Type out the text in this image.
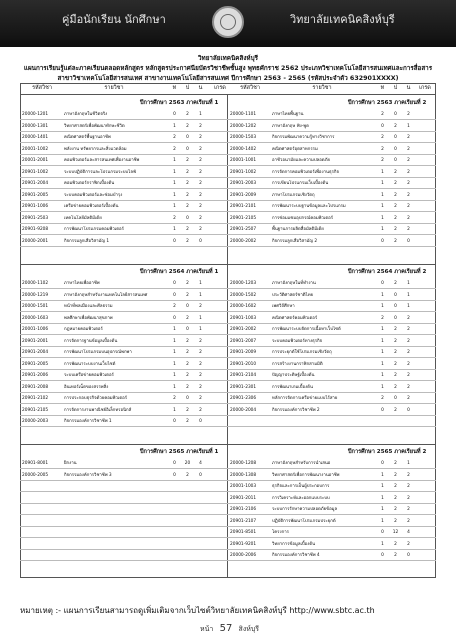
คู่มือนักเรียน นักศึกษา	วิทยาลัยเทคนิคสิงห์บุรี
วิทยาลัยเทคนิคสิงห์บุรี
แผนการเรียนรู้แต่ละภาคเรียนตลอดหลักสูตร หลักสูตรประกาศนียบัตรวิชาชีพชั้นสูง พุทธศักราช 2562 ประเภทวิชาเทคโนโลยีสารสนเทศและการสื่อสาร
สาขาวิชาเทคโนโลยีสารสนเทศ สาขางานเทคโนโลยีสารสนเทศ ปีการศึกษา 2563 - 2565 (รหัสประจำตัว 632901XXXX)
รหัสวิชา	รายวิชา	ท	ป	น	เกรด	รหัสวิชา	รายวิชา	ท	ป	น	เกรด
ปีการศึกษา 2563 ภาคเรียนที่ 1
20000-1201	ภาษาอังกฤษในชีวิตจริง	0	2	1
20000-1301	วิทยาศาสตร์เพื่อพัฒนาทักษะชีวิต	1	2	2
20000-1401	คณิตศาสตร์พื้นฐานอาชีพ	2	0	2
20001-1002	พลังงาน ทรัพยากรและสิ่งแวดล้อม	2	0	2
20001-2001	คอมพิวเตอร์และสารสนเทศเพื่องานอาชีพ	1	2	2
20901-1002	ระบบปฏิบัติการและโปรแกรมระบบไลฟ์	1	2	2
20901-2004	คอมพิวเตอร์กราฟิกเบื้องต้น	1	2	2
20901-2005	ระบบคอมพิวเตอร์และซ่อมบำรุง	1	2	2
20901-1006	เครือข่ายคอมพิวเตอร์เบื้องต้น	1	2	2
20901-2503	เทคโนโลยีมัลติมีเดีย	2	0	2
20901-9208	การพัฒนาโปรแกรมคอมพิวเตอร์	1	2	2
20000-2001	กิจกรรมลูกเสือวิสามัญ 1	0	2	0
ปีการศึกษา 2563 ภาคเรียนที่ 2
20000-1101	ภาษาไทยพื้นฐาน	2	0	2
20000-1202	ภาษาอังกฤษ ฟัง-พูด	0	2	1
20000-1503	กิจกรรมพัฒนาความรู้ทางวิชาการ	2	0	2
20000-1402	คณิตศาสตร์อุตสาหกรรม	2	0	2
20001-1001	อาชีวอนามัยและความปลอดภัย	2	0	2
20901-1002	การจัดการคอมพิวเตอร์เพื่องานธุรกิจ	1	2	2
20901-2003	การเขียนโปรแกรมเว็บเบื้องต้น	1	2	2
20901-2009	ภาษาโปรแกรมเชิงวัตถุ	1	2	2
20901-2101	การพัฒนาระบบฐานข้อมูลและโปรแกรม	1	2	2
20901-2105	การซ่อมแซมอุปกรณ์คอมพิวเตอร์	1	2	2
20901-2507	พื้นฐานการผลิตสื่อมัลติมีเดีย	1	2	2
20000-2002	กิจกรรมลูกเสือวิสามัญ 2	0	2	0
ปีการศึกษา 2564 ภาคเรียนที่ 1
20000-1102	ภาษาไทยเพื่ออาชีพ	0	2	1
20000-1219	ภาษาอังกฤษสำหรับงานเทคโนโลยีสารสนเทศ	0	2	1
20000-1501	หน้าที่พลเมืองและศีลธรรม	2	0	2
20000-1603	พลศึกษาเพื่อพัฒนาสุขภาพ	0	2	1
20001-1006	กฎหมายคอมพิวเตอร์	1	0	1
20901-2001	การจัดการฐานข้อมูลเบื้องต้น	1	2	2
20901-2004	การพัฒนาโปรแกรมบนอุปกรณ์พกพา	1	2	2
20901-2005	การพัฒนาระบบงานเว็บไซต์	1	2	2
20901-2006	ระบบเครือข่ายคอมพิวเตอร์	1	2	2
20901-2008	อินเทอร์เน็ตของสรรพสิ่ง	1	2	2
20901-2102	การประกอบธุรกิจด้วยคอมพิวเตอร์	2	0	2
20901-2105	การจัดการงานพาณิชย์อิเล็กทรอนิกส์	1	2	2
20000-2003	กิจกรรมองค์การวิชาชีพ 1	0	2	0
ปีการศึกษา 2564 ภาคเรียนที่ 2
20000-1203	ภาษาอังกฤษในที่ทำงาน	0	2	1
20000-1502	ประวัติศาสตร์ชาติไทย	1	0	1
20000-1602	เพศวิถีศึกษา	1	0	1
20901-1003	คณิตศาสตร์คอมพิวเตอร์	2	0	2
20901-2002	การพัฒนาระบบจัดการเนื้อหาเว็บไซต์	1	2	2
20901-2007	ระบบคอมพิวเตอร์ทางธุรกิจ	1	2	2
20901-2009	การประยุกต์ใช้โปรแกรมเชิงวัตถุ	1	2	2
20901-2010	การสร้างงานกราฟิกสามมิติ	1	2	2
20901-2104	ปัญญาประดิษฐ์เบื้องต้น	1	2	2
20901-2301	การพัฒนาเกมเบื้องต้น	1	2	2
20901-2306	หลักการจัดการเครือข่ายแบบไร้สาย	2	0	2
20000-2004	กิจกรรมองค์การวิชาชีพ 2	0	2	0
ปีการศึกษา 2565 ภาคเรียนที่ 1
20901-8001	ฝึกงาน	0	20	4
20000-2005	กิจกรรมองค์การวิชาชีพ 3	0	2	0
ปีการศึกษา 2565 ภาคเรียนที่ 2
20000-1208	ภาษาอังกฤษสำหรับการนำเสนอ	0	2	1
20000-1308	วิทยาศาสตร์เพื่อการพัฒนางานอาชีพ	1	2	2
20001-1003	ธุรกิจและการเป็นผู้ประกอบการ	1	2	2
20901-2011	การวิเคราะห์และออกแบบระบบ	1	2	2
20901-2106	ระบบการรักษาความปลอดภัยข้อมูล	1	2	2
20901-2107	ปฏิบัติการพัฒนาโปรแกรมประยุกต์	1	2	2
20901-8501	โครงการ	0	12	4
20901-9201	วิทยาการข้อมูลเบื้องต้น	1	2	2
20000-2006	กิจกรรมองค์การวิชาชีพ 4	0	2	0
หมายเหตุ :- แผนการเรียนสามารถดูเพิ่มเติมจากเว็บไซต์วิทยาลัยเทคนิคสิงห์บุรี http://www.sbtc.ac.th
หน้า 57 สิงห์บุรี
